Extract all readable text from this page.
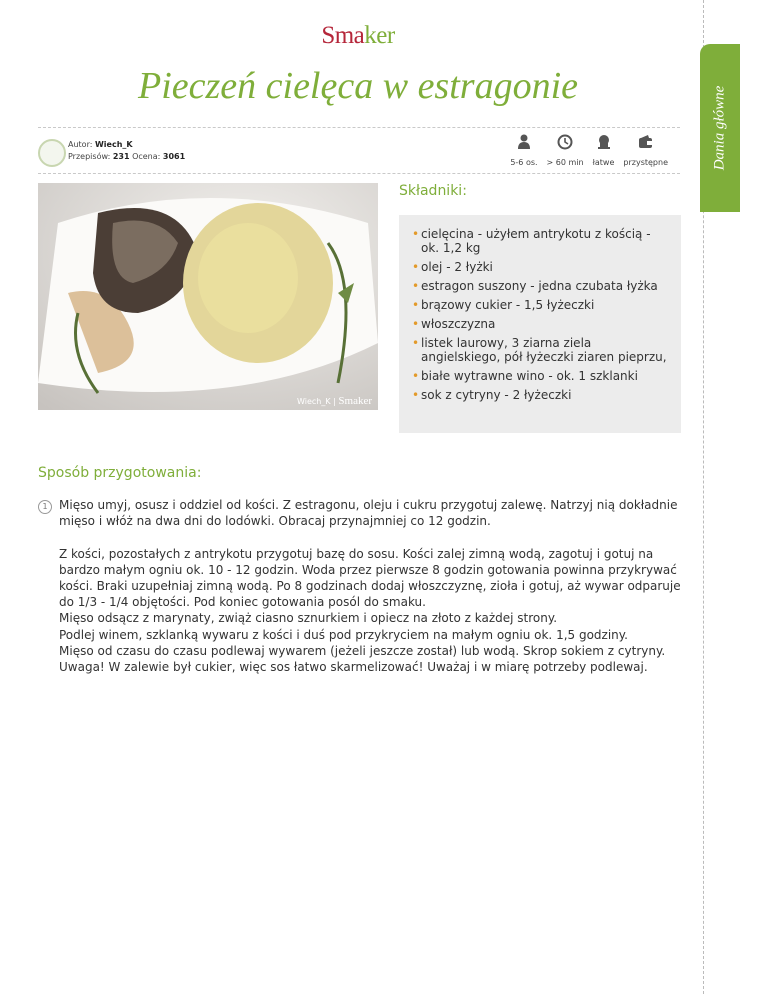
Dania główne
Smaker
Pieczeń cielęca w estragonie
Autor: Wiech_K
Przepisów: 231 Ocena: 3061
5-6 os. > 60 min łatwe przystępne
Wiech_K | Smaker
Składniki:
• cielęcina - użyłem antrykotu z kością - ok. 1,2 kg
• olej - 2 łyżki
• estragon suszony - jedna czubata łyżka
• brązowy cukier - 1,5 łyżeczki
• włoszczyzna
• listek laurowy, 3 ziarna ziela angielskiego, pół łyżeczki ziaren pieprzu,
• białe wytrawne wino - ok. 1 szklanki
• sok z cytryny - 2 łyżeczki
Sposób przygotowania:
1 Mięso umyj, osusz i oddziel od kości. Z estragonu, oleju i cukru przygotuj zalewę. Natrzyj nią dokładnie mięso i włóż na dwa dni do lodówki. Obracaj przynajmniej co 12 godzin.

Z kości, pozostałych z antrykotu przygotuj bazę do sosu. Kości zalej zimną wodą, zagotuj i gotuj na bardzo małym ogniu ok. 10 - 12 godzin. Woda przez pierwsze 8 godzin gotowania powinna przykrywać kości. Braki uzupełniaj zimną wodą. Po 8 godzinach dodaj włoszczyznę, zioła i gotuj, aż wywar odparuje do 1/3 - 1/4 objętości. Pod koniec gotowania posól do smaku.
Mięso odsącz z marynaty, zwiąż ciasno sznurkiem i opiecz na złoto z każdej strony.
Podlej winem, szklanką wywaru z kości i duś pod przykryciem na małym ogniu ok. 1,5 godziny.
Mięso od czasu do czasu podlewaj wywarem (jeżeli jeszcze został) lub wodą. Skrop sokiem z cytryny. Uwaga! W zalewie był cukier, więc sos łatwo skarmelizować! Uważaj i w miarę potrzeby podlewaj.
